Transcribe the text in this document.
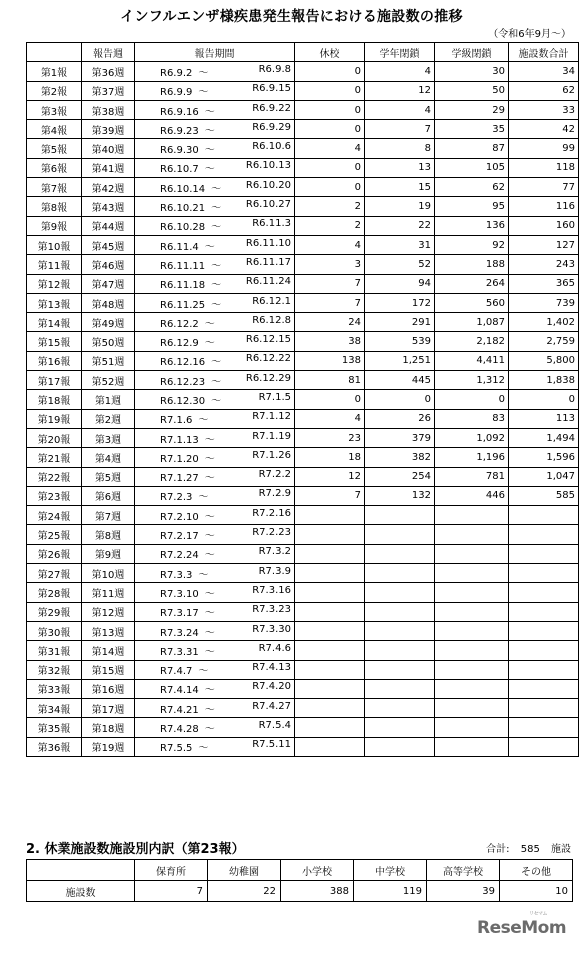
インフルエンザ様疾患発生報告における施設数の推移
（令和6年9月～）
	報告週	報告期間	休校	学年閉鎖	学級閉鎖	施設数合計
第1報	第36週	R6.9.2 ～ R6.9.8	0	4	30	34
第2報	第37週	R6.9.9 ～ R6.9.15	0	12	50	62
第3報	第38週	R6.9.16 ～ R6.9.22	0	4	29	33
第4報	第39週	R6.9.23 ～ R6.9.29	0	7	35	42
第5報	第40週	R6.9.30 ～ R6.10.6	4	8	87	99
第6報	第41週	R6.10.7 ～ R6.10.13	0	13	105	118
第7報	第42週	R6.10.14 ～ R6.10.20	0	15	62	77
第8報	第43週	R6.10.21 ～ R6.10.27	2	19	95	116
第9報	第44週	R6.10.28 ～ R6.11.3	2	22	136	160
第10報	第45週	R6.11.4 ～ R6.11.10	4	31	92	127
第11報	第46週	R6.11.11 ～ R6.11.17	3	52	188	243
第12報	第47週	R6.11.18 ～ R6.11.24	7	94	264	365
第13報	第48週	R6.11.25 ～ R6.12.1	7	172	560	739
第14報	第49週	R6.12.2 ～ R6.12.8	24	291	1,087	1,402
第15報	第50週	R6.12.9 ～ R6.12.15	38	539	2,182	2,759
第16報	第51週	R6.12.16 ～ R6.12.22	138	1,251	4,411	5,800
第17報	第52週	R6.12.23 ～ R6.12.29	81	445	1,312	1,838
第18報	第1週	R6.12.30 ～ R7.1.5	0	0	0	0
第19報	第2週	R7.1.6 ～ R7.1.12	4	26	83	113
第20報	第3週	R7.1.13 ～ R7.1.19	23	379	1,092	1,494
第21報	第4週	R7.1.20 ～ R7.1.26	18	382	1,196	1,596
第22報	第5週	R7.1.27 ～ R7.2.2	12	254	781	1,047
第23報	第6週	R7.2.3 ～ R7.2.9	7	132	446	585
第24報	第7週	R7.2.10 ～ R7.2.16				

第25報	第8週	R7.2.17 ～ R7.2.23				

第26報	第9週	R7.2.24 ～ R7.3.2				

第27報	第10週	R7.3.3 ～ R7.3.9				

第28報	第11週	R7.3.10 ～ R7.3.16				

第29報	第12週	R7.3.17 ～ R7.3.23				

第30報	第13週	R7.3.24 ～ R7.3.30				

第31報	第14週	R7.3.31 ～ R7.4.6				

第32報	第15週	R7.4.7 ～ R7.4.13				

第33報	第16週	R7.4.14 ～ R7.4.20				

第34報	第17週	R7.4.21 ～ R7.4.27				

第35報	第18週	R7.4.28 ～ R7.5.4				

第36報	第19週	R7.5.5 ～ R7.5.11				

2. 休業施設数施設別内訳（第23報）	合計: 585 施設
	保育所	幼稚園	小学校	中学校	高等学校	その他
施設数	7	22	388	119	39	10
リセマム
ReseMom
